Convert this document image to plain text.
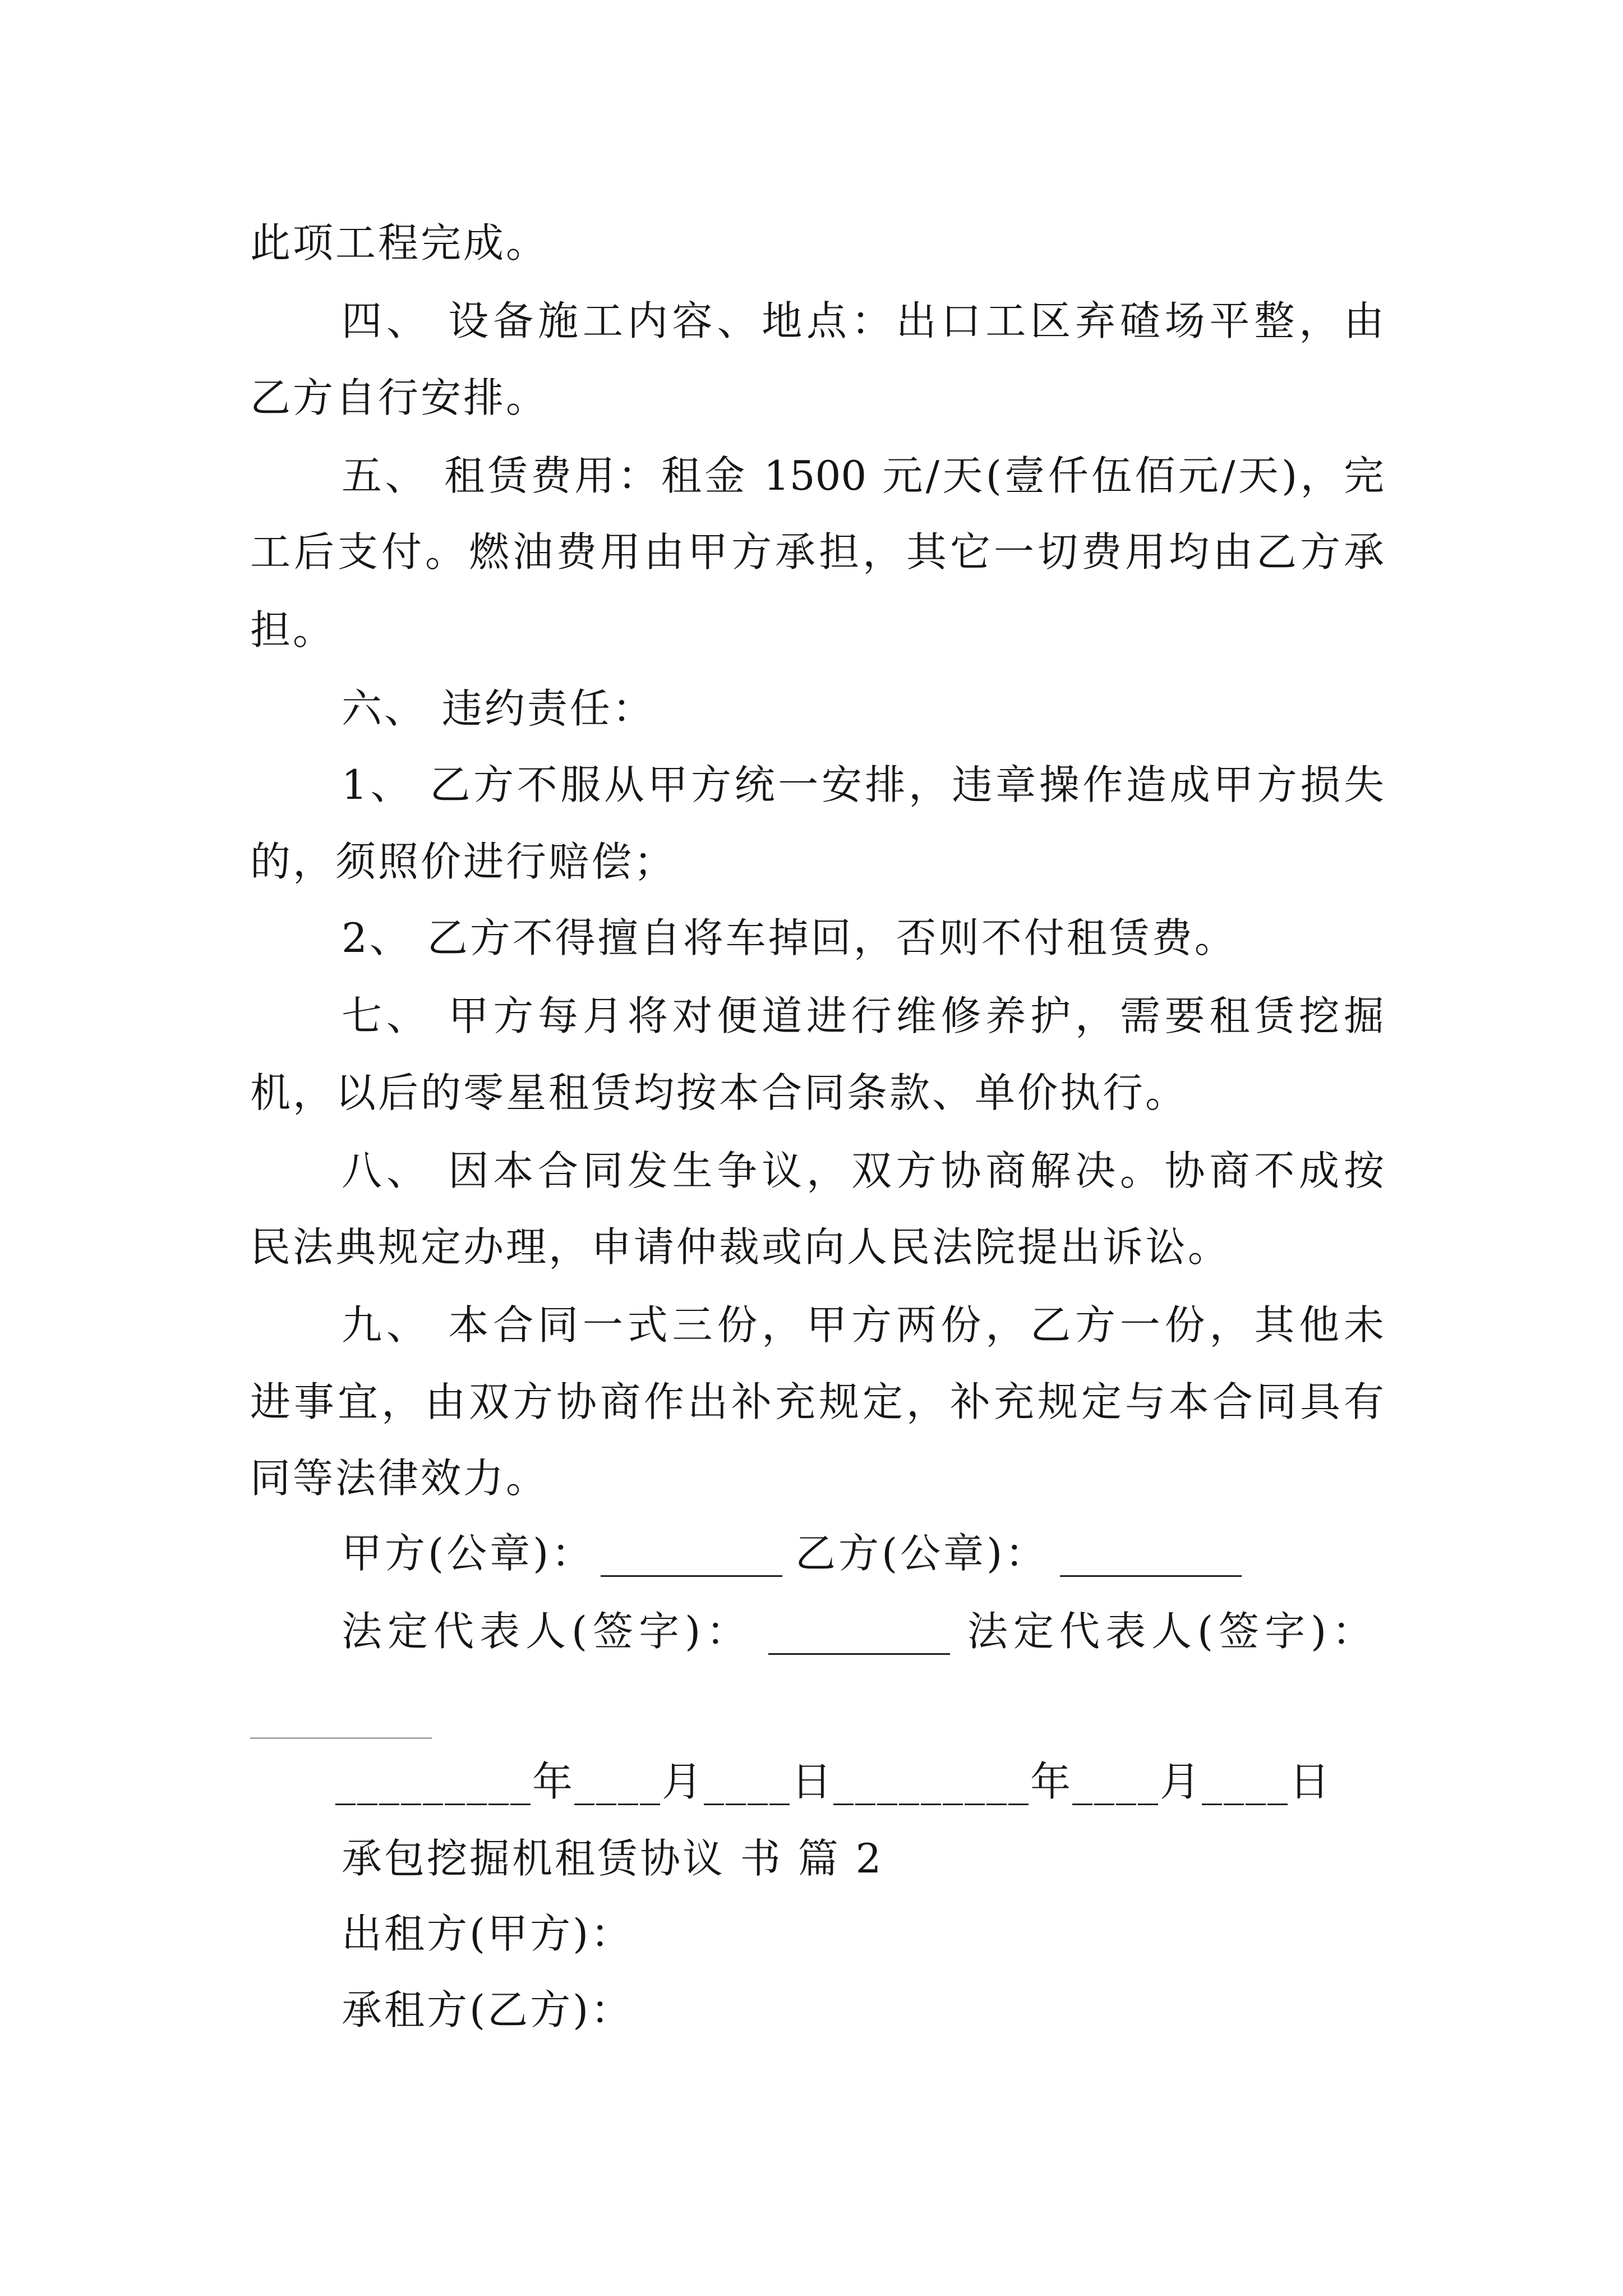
此项工程完成。
四、 设备施工内容、地点：出口工区弃碴场平整，由
乙方自行安排。
五、 租赁费用：租金 1500 元/天(壹仟伍佰元/天)，完
工后支付。燃油费用由甲方承担，其它一切费用均由乙方承
担。
六、 违约责任：
1、 乙方不服从甲方统一安排，违章操作造成甲方损失
的，须照价进行赔偿；
2、 乙方不得擅自将车掉回，否则不付租赁费。
七、 甲方每月将对便道进行维修养护，需要租赁挖掘
机，以后的零星租赁均按本合同条款、单价执行。
八、 因本合同发生争议，双方协商解决。协商不成按
民法典规定办理，申请仲裁或向人民法院提出诉讼。
九、 本合同一式三份，甲方两份，乙方一份，其他未
进事宜，由双方协商作出补充规定，补充规定与本合同具有
同等法律效力。
甲方(公章)： _________ 乙方(公章)： _________
法定代表人(签字)： _________ 法定代表人(签字)：
_________
_________年____月____日_________年____月____日
承包挖掘机租赁协议 书 篇 2
出租方(甲方)：
承租方(乙方)：
